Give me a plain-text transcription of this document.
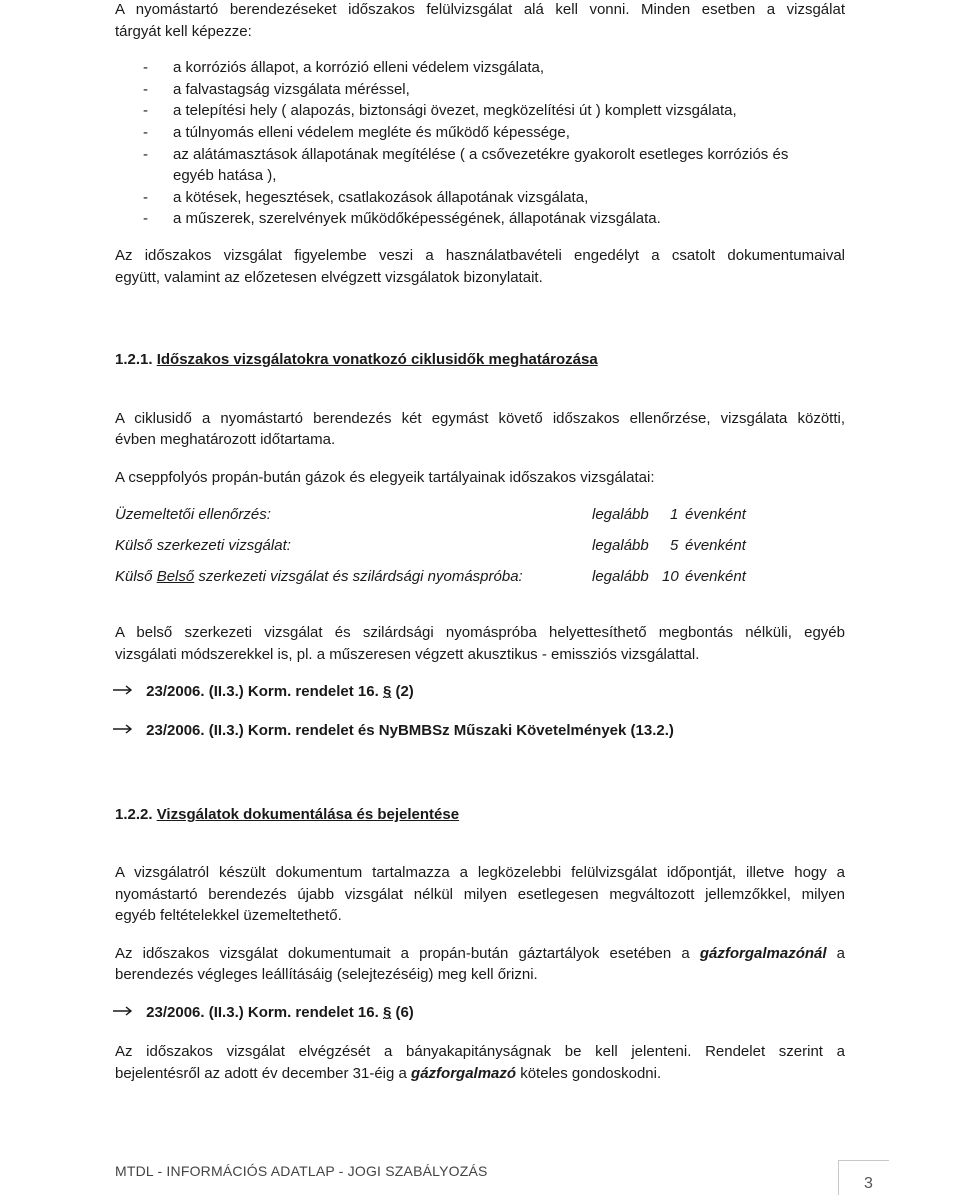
A nyomástartó berendezéseket időszakos felülvizsgálat alá kell vonni. Minden esetben a vizsgálat
tárgyát kell képezze:
- a korróziós állapot, a korrózió elleni védelem vizsgálata,
- a falvastagság vizsgálata méréssel,
- a telepítési hely ( alapozás, biztonsági övezet, megközelítési út ) komplett vizsgálata,
- a túlnyomás elleni védelem megléte és működő képessége,
- az alátámasztások állapotának megítélése ( a csővezetékre gyakorolt esetleges korróziós és
egyéb hatása ),
- a kötések, hegesztések, csatlakozások állapotának vizsgálata,
- a műszerek, szerelvények működőképességének, állapotának vizsgálata.
Az időszakos vizsgálat figyelembe veszi a használatbavételi engedélyt a csatolt dokumentumaival
együtt, valamint az előzetesen elvégzett vizsgálatok bizonylatait.
1.2.1. Időszakos vizsgálatokra vonatkozó ciklusidők meghatározása
A ciklusidő a nyomástartó berendezés két egymást követő időszakos ellenőrzése, vizsgálata közötti,
évben meghatározott időtartama.
A cseppfolyós propán-bután gázok és elegyeik tartályainak időszakos vizsgálatai:
Üzemeltetői ellenőrzés:	legalább 1 évenként
Külső szerkezeti vizsgálat:	legalább 5 évenként
Külső Belső szerkezeti vizsgálat és szilárdsági nyomáspróba:	legalább 10 évenként
A belső szerkezeti vizsgálat és szilárdsági nyomáspróba helyettesíthető megbontás nélküli, egyéb
vizsgálati módszerekkel is, pl. a műszeresen végzett akusztikus - emissziós vizsgálattal.
23/2006. (II.3.) Korm. rendelet 16. § (2)
23/2006. (II.3.) Korm. rendelet és NyBMBSz Műszaki Követelmények (13.2.)
1.2.2. Vizsgálatok dokumentálása és bejelentése
A vizsgálatról készült dokumentum tartalmazza a legközelebbi felülvizsgálat időpontját, illetve hogy a
nyomástartó berendezés újabb vizsgálat nélkül milyen esetlegesen megváltozott jellemzőkkel, milyen
egyéb feltételekkel üzemeltethető.
Az időszakos vizsgálat dokumentumait a propán-bután gáztartályok esetében a gázforgalmazónál a
berendezés végleges leállításáig (selejtezéséig) meg kell őrizni.
23/2006. (II.3.) Korm. rendelet 16. § (6)
Az időszakos vizsgálat elvégzését a bányakapitányságnak be kell jelenteni. Rendelet szerint a
bejelentésről az adott év december 31-éig a gázforgalmazó köteles gondoskodni.
MTDL - INFORMÁCIÓS ADATLAP - JOGI SZABÁLYOZÁS
3
